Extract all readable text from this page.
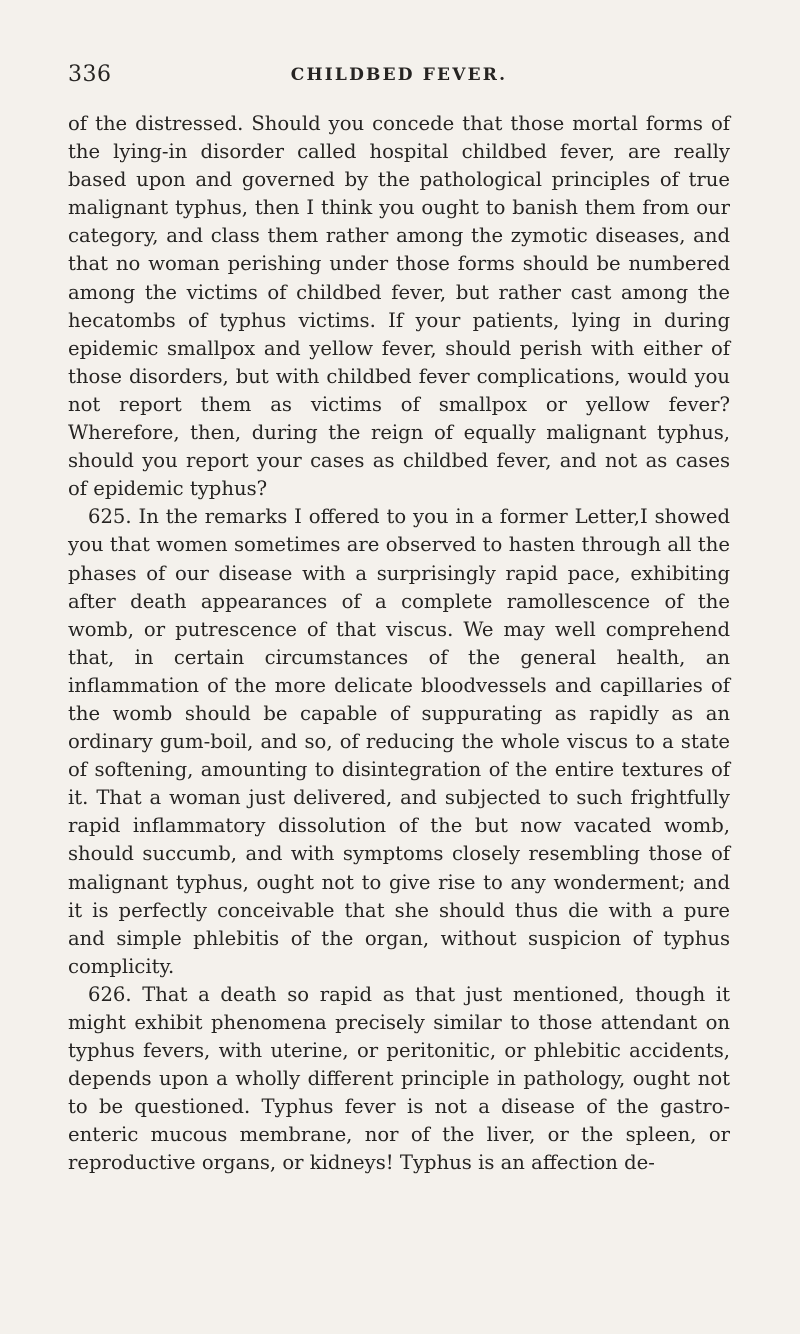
336	CHILDBED FEVER.

of the distressed. Should you concede that those mortal forms of the lying-in disorder called hospital childbed fever, are really based upon and governed by the pathological principles of true malignant typhus, then I think you ought to banish them from our category, and class them rather among the zymotic diseases, and that no woman perishing under those forms should be numbered among the victims of childbed fever, but rather cast among the hecatombs of typhus victims. If your patients, lying in during epidemic smallpox and yellow fever, should perish with either of those disorders, but with childbed fever complications, would you not report them as victims of smallpox or yellow fever? Wherefore, then, during the reign of equally malignant typhus, should you report your cases as childbed fever, and not as cases of epidemic typhus?

625. In the remarks I offered to you in a former Letter,I showed you that women sometimes are observed to hasten through all the phases of our disease with a surprisingly rapid pace, exhibiting after death appearances of a complete ramollescence of the womb, or putrescence of that viscus. We may well comprehend that, in certain circumstances of the general health, an inflammation of the more delicate bloodvessels and capillaries of the womb should be capable of suppurating as rapidly as an ordinary gum-boil, and so, of reducing the whole viscus to a state of softening, amounting to disintegration of the entire textures of it. That a woman just delivered, and subjected to such frightfully rapid inflammatory dissolution of the but now vacated womb, should succumb, and with symptoms closely resembling those of malignant typhus, ought not to give rise to any wonderment; and it is perfectly conceivable that she should thus die with a pure and simple phlebitis of the organ, without suspicion of typhus complicity.

626. That a death so rapid as that just mentioned, though it might exhibit phenomena precisely similar to those attendant on typhus fevers, with uterine, or peritonitic, or phlebitic accidents, depends upon a wholly different principle in pathology, ought not to be questioned. Typhus fever is not a disease of the gastro-enteric mucous membrane, nor of the liver, or the spleen, or reproductive organs, or kidneys! Typhus is an affection de-
